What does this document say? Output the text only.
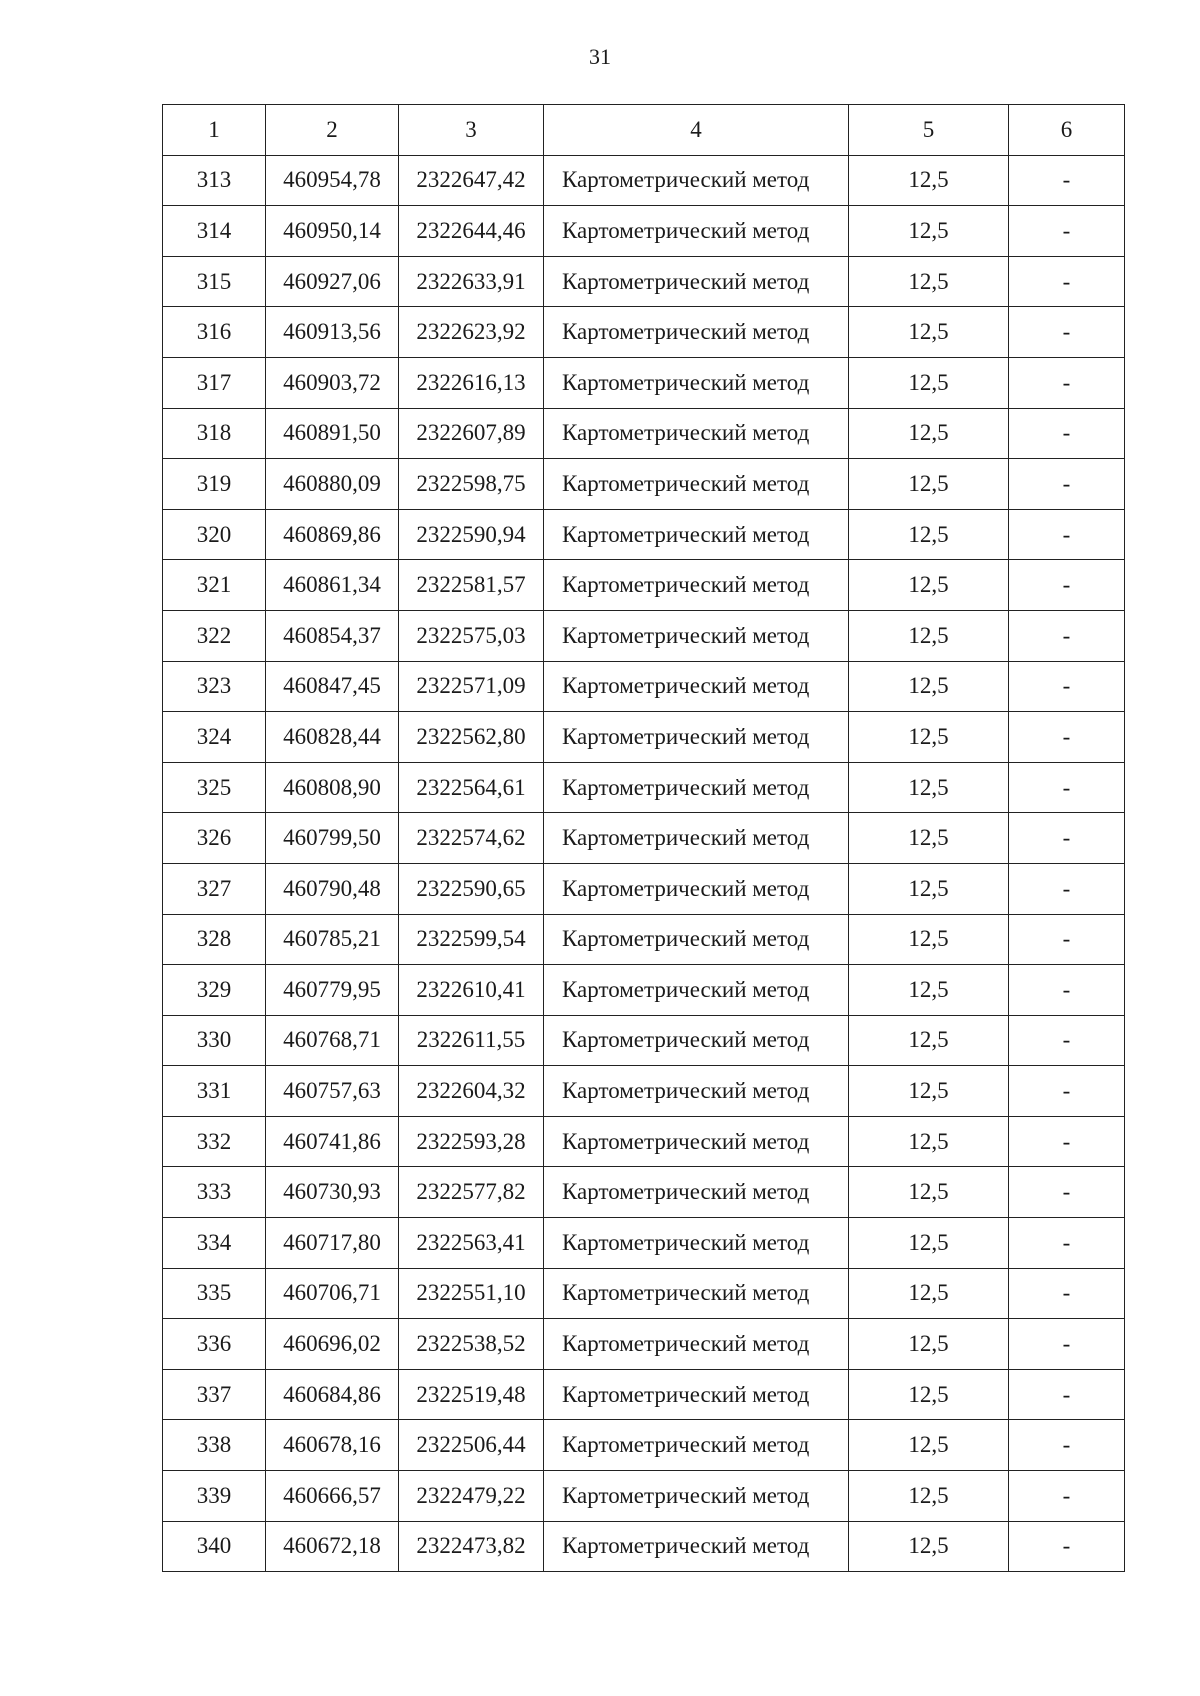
31
1	2	3	4	5	6
313	460954,78	2322647,42	Картометрический метод	12,5	-
314	460950,14	2322644,46	Картометрический метод	12,5	-
315	460927,06	2322633,91	Картометрический метод	12,5	-
316	460913,56	2322623,92	Картометрический метод	12,5	-
317	460903,72	2322616,13	Картометрический метод	12,5	-
318	460891,50	2322607,89	Картометрический метод	12,5	-
319	460880,09	2322598,75	Картометрический метод	12,5	-
320	460869,86	2322590,94	Картометрический метод	12,5	-
321	460861,34	2322581,57	Картометрический метод	12,5	-
322	460854,37	2322575,03	Картометрический метод	12,5	-
323	460847,45	2322571,09	Картометрический метод	12,5	-
324	460828,44	2322562,80	Картометрический метод	12,5	-
325	460808,90	2322564,61	Картометрический метод	12,5	-
326	460799,50	2322574,62	Картометрический метод	12,5	-
327	460790,48	2322590,65	Картометрический метод	12,5	-
328	460785,21	2322599,54	Картометрический метод	12,5	-
329	460779,95	2322610,41	Картометрический метод	12,5	-
330	460768,71	2322611,55	Картометрический метод	12,5	-
331	460757,63	2322604,32	Картометрический метод	12,5	-
332	460741,86	2322593,28	Картометрический метод	12,5	-
333	460730,93	2322577,82	Картометрический метод	12,5	-
334	460717,80	2322563,41	Картометрический метод	12,5	-
335	460706,71	2322551,10	Картометрический метод	12,5	-
336	460696,02	2322538,52	Картометрический метод	12,5	-
337	460684,86	2322519,48	Картометрический метод	12,5	-
338	460678,16	2322506,44	Картометрический метод	12,5	-
339	460666,57	2322479,22	Картометрический метод	12,5	-
340	460672,18	2322473,82	Картометрический метод	12,5	-
